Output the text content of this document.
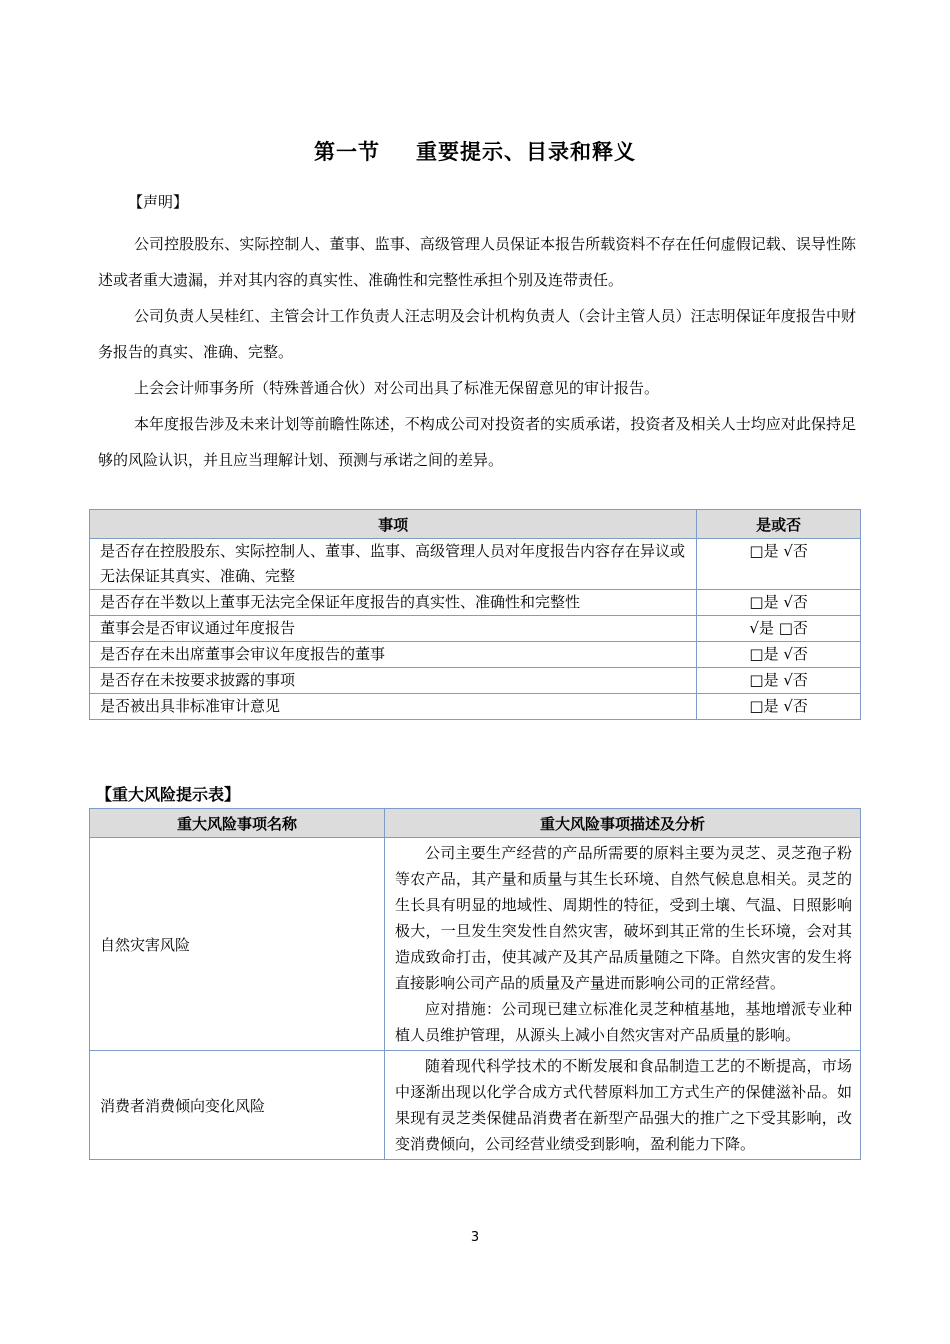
第一节 重要提示、目录和释义
【声明】
公司控股股东、实际控制人、董事、监事、高级管理人员保证本报告所载资料不存在任何虚假记载、误导性陈述或者重大遗漏，并对其内容的真实性、准确性和完整性承担个别及连带责任。
公司负责人吴桂红、主管会计工作负责人汪志明及会计机构负责人（会计主管人员）汪志明保证年度报告中财务报告的真实、准确、完整。
上会会计师事务所（特殊普通合伙）对公司出具了标准无保留意见的审计报告。
本年度报告涉及未来计划等前瞻性陈述，不构成公司对投资者的实质承诺，投资者及相关人士均应对此保持足够的风险认识，并且应当理解计划、预测与承诺之间的差异。
事项	是或否
是否存在控股股东、实际控制人、董事、监事、高级管理人员对年度报告内容存在异议或无法保证其真实、准确、完整	□是 √否
是否存在半数以上董事无法完全保证年度报告的真实性、准确性和完整性	□是 √否
董事会是否审议通过年度报告	√是 □否
是否存在未出席董事会审议年度报告的董事	□是 √否
是否存在未按要求披露的事项	□是 √否
是否被出具非标准审计意见	□是 √否
【重大风险提示表】
重大风险事项名称	重大风险事项描述及分析
自然灾害风险	公司主要生产经营的产品所需要的原料主要为灵芝、灵芝孢子粉等农产品，其产量和质量与其生长环境、自然气候息息相关。灵芝的生长具有明显的地域性、周期性的特征，受到土壤、气温、日照影响极大，一旦发生突发性自然灾害，破坏到其正常的生长环境，会对其造成致命打击，使其减产及其产品质量随之下降。自然灾害的发生将直接影响公司产品的质量及产量进而影响公司的正常经营。

应对措施：公司现已建立标准化灵芝种植基地，基地增派专业种植人员维护管理，从源头上减小自然灾害对产品质量的影响。

消费者消费倾向变化风险	随着现代科学技术的不断发展和食品制造工艺的不断提高，市场中逐渐出现以化学合成方式代替原料加工方式生产的保健滋补品。如果现有灵芝类保健品消费者在新型产品强大的推广之下受其影响，改变消费倾向，公司经营业绩受到影响，盈利能力下降。

3
